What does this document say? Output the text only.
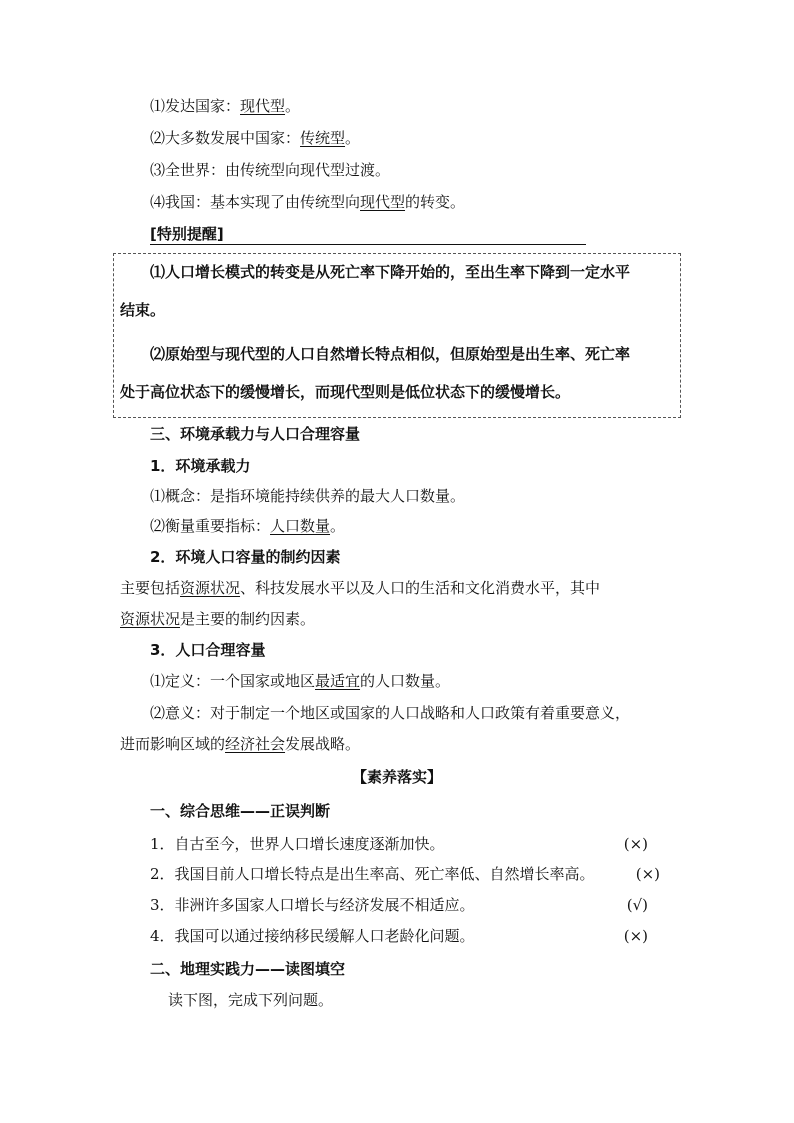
⑴发达国家：现代型。
⑵大多数发展中国家：传统型。
⑶全世界：由传统型向现代型过渡。
⑷我国：基本实现了由传统型向现代型的转变。
[特别提醒]
⑴人口增长模式的转变是从死亡率下降开始的，至出生率下降到一定水平
结束。
⑵原始型与现代型的人口自然增长特点相似，但原始型是出生率、死亡率
处于高位状态下的缓慢增长，而现代型则是低位状态下的缓慢增长。
三、环境承载力与人口合理容量
1．环境承载力
⑴概念：是指环境能持续供养的最大人口数量。
⑵衡量重要指标：人口数量。
2．环境人口容量的制约因素
主要包括资源状况、科技发展水平以及人口的生活和文化消费水平，其中
资源状况是主要的制约因素。
3．人口合理容量
⑴定义：一个国家或地区最适宜的人口数量。
⑵意义：对于制定一个地区或国家的人口战略和人口政策有着重要意义，
进而影响区域的经济社会发展战略。
【素养落实】
一、综合思维——正误判断
1．自古至今，世界人口增长速度逐渐加快。	(×)
2．我国目前人口增长特点是出生率高、死亡率低、自然增长率高。	(×)
3．非洲许多国家人口增长与经济发展不相适应。	(√)
4．我国可以通过接纳移民缓解人口老龄化问题。	(×)
二、地理实践力——读图填空
读下图，完成下列问题。
